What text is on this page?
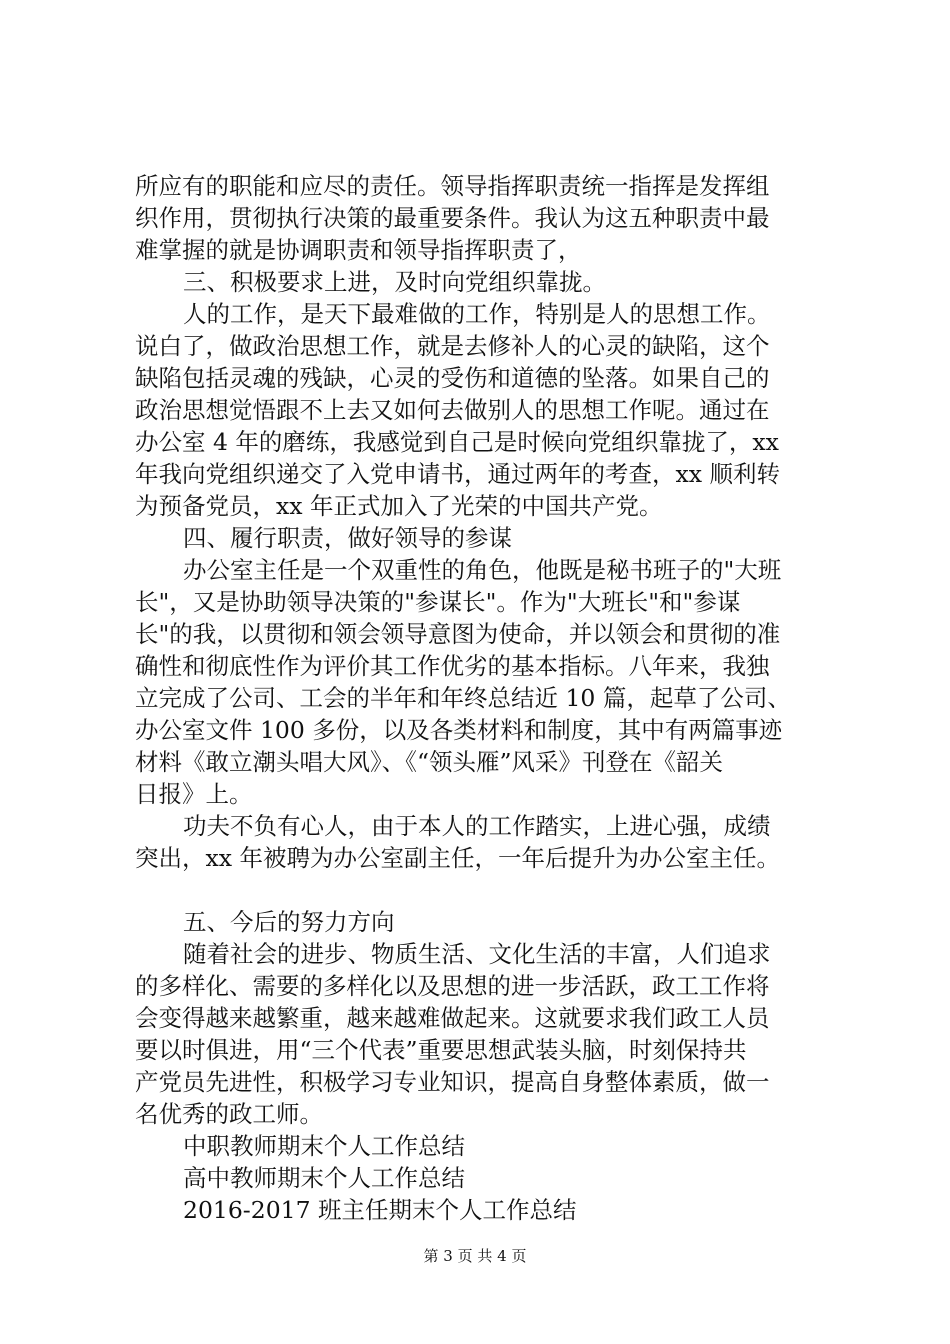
所应有的职能和应尽的责任。领导指挥职责统一指挥是发挥组
织作用，贯彻执行决策的最重要条件。我认为这五种职责中最
难掌握的就是协调职责和领导指挥职责了，
三、积极要求上进，及时向党组织靠拢。
人的工作，是天下最难做的工作，特别是人的思想工作。
说白了，做政治思想工作，就是去修补人的心灵的缺陷，这个
缺陷包括灵魂的残缺，心灵的受伤和道德的坠落。如果自己的
政治思想觉悟跟不上去又如何去做别人的思想工作呢。通过在
办公室 4 年的磨练，我感觉到自己是时候向党组织靠拢了，xx
年我向党组织递交了入党申请书，通过两年的考查，xx 顺利转
为预备党员，xx 年正式加入了光荣的中国共产党。
四、履行职责，做好领导的参谋
办公室主任是一个双重性的角色，他既是秘书班子的"大班
长"，又是协助领导决策的"参谋长"。作为"大班长"和"参谋
长"的我，以贯彻和领会领导意图为使命，并以领会和贯彻的准
确性和彻底性作为评价其工作优劣的基本指标。八年来，我独
立完成了公司、工会的半年和年终总结近 10 篇，起草了公司、
办公室文件 100 多份，以及各类材料和制度，其中有两篇事迹
材料《敢立潮头唱大风》、《“领头雁”风采》刊登在《韶关
日报》上。
功夫不负有心人，由于本人的工作踏实，上进心强，成绩
突出，xx 年被聘为办公室副主任，一年后提升为办公室主任。
五、今后的努力方向
随着社会的进步、物质生活、文化生活的丰富，人们追求
的多样化、需要的多样化以及思想的进一步活跃，政工工作将
会变得越来越繁重，越来越难做起来。这就要求我们政工人员
要以时俱进，用“三个代表”重要思想武装头脑，时刻保持共
产党员先进性，积极学习专业知识，提高自身整体素质，做一
名优秀的政工师。
中职教师期末个人工作总结
高中教师期末个人工作总结
2016-2017 班主任期末个人工作总结
第 3 页 共 4 页
